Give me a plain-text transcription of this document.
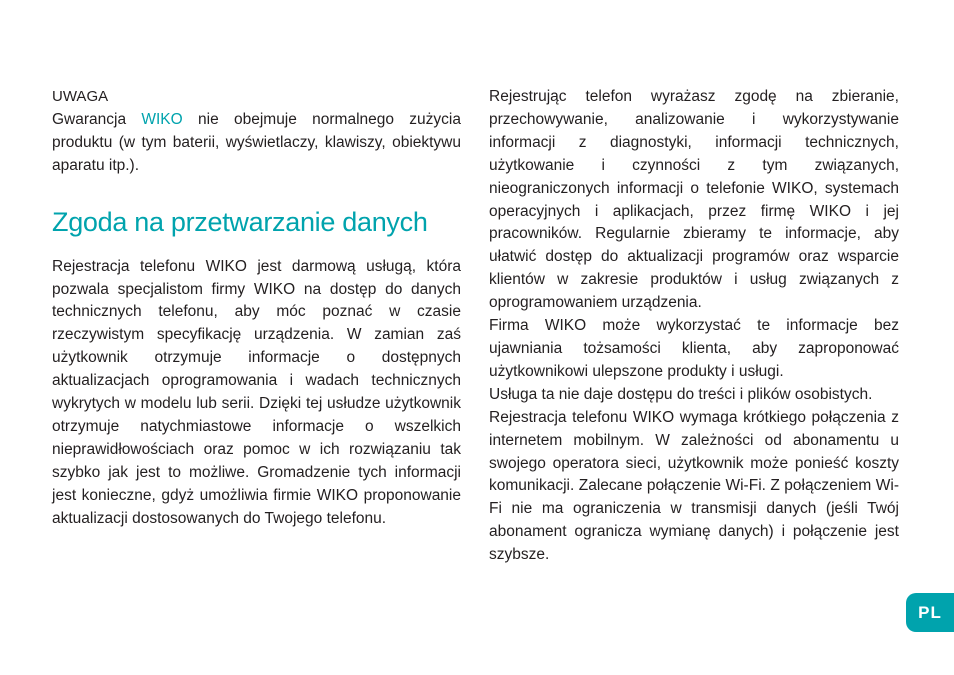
UWAGA

Gwarancja WIKO nie obejmuje normalnego zużycia produktu (w tym baterii, wyświetlaczy, klawiszy, obiektywu aparatu itp.).

Zgoda na przetwarzanie danych

Rejestracja telefonu WIKO jest darmową usługą, która pozwala specjalistom firmy WIKO na dostęp do danych technicznych telefonu, aby móc poznać w czasie rzeczywistym specyfikację urządzenia. W zamian zaś użytkownik otrzymuje informacje o dostępnych aktualizacjach oprogramowania i wadach technicznych wykrytych w modelu lub serii. Dzięki tej usłudze użytkownik otrzymuje natychmiastowe informacje o wszelkich nieprawidłowościach oraz pomoc w ich rozwiązaniu tak szybko jak jest to możliwe. Gromadzenie tych informacji jest konieczne, gdyż umożliwia firmie WIKO proponowanie aktualizacji dostosowanych do Twojego telefonu.

Rejestrując telefon wyrażasz zgodę na zbieranie, przechowywanie, analizowanie i wykorzystywanie informacji z diagnostyki, informacji technicznych, użytkowanie i czynności z tym związanych, nieograniczonych informacji o telefonie WIKO, systemach operacyjnych i aplikacjach, przez firmę WIKO i jej pracowników. Regularnie zbieramy te informacje, aby ułatwić dostęp do aktualizacji programów oraz wsparcie klientów w zakresie produktów i usług związanych z oprogramowaniem urządzenia.

Firma WIKO może wykorzystać te informacje bez ujawniania tożsamości klienta, aby zaproponować użytkownikowi ulepszone produkty i usługi.

Usługa ta nie daje dostępu do treści i plików osobistych.

Rejestracja telefonu WIKO wymaga krótkiego połączenia z internetem mobilnym. W zależności od abonamentu u swojego operatora sieci, użytkownik może ponieść koszty komunikacji. Zalecane połączenie Wi-Fi. Z połączeniem Wi-Fi nie ma ograniczenia w transmisji danych (jeśli Twój abonament ogranicza wymianę danych) i połączenie jest szybsze.

PL
